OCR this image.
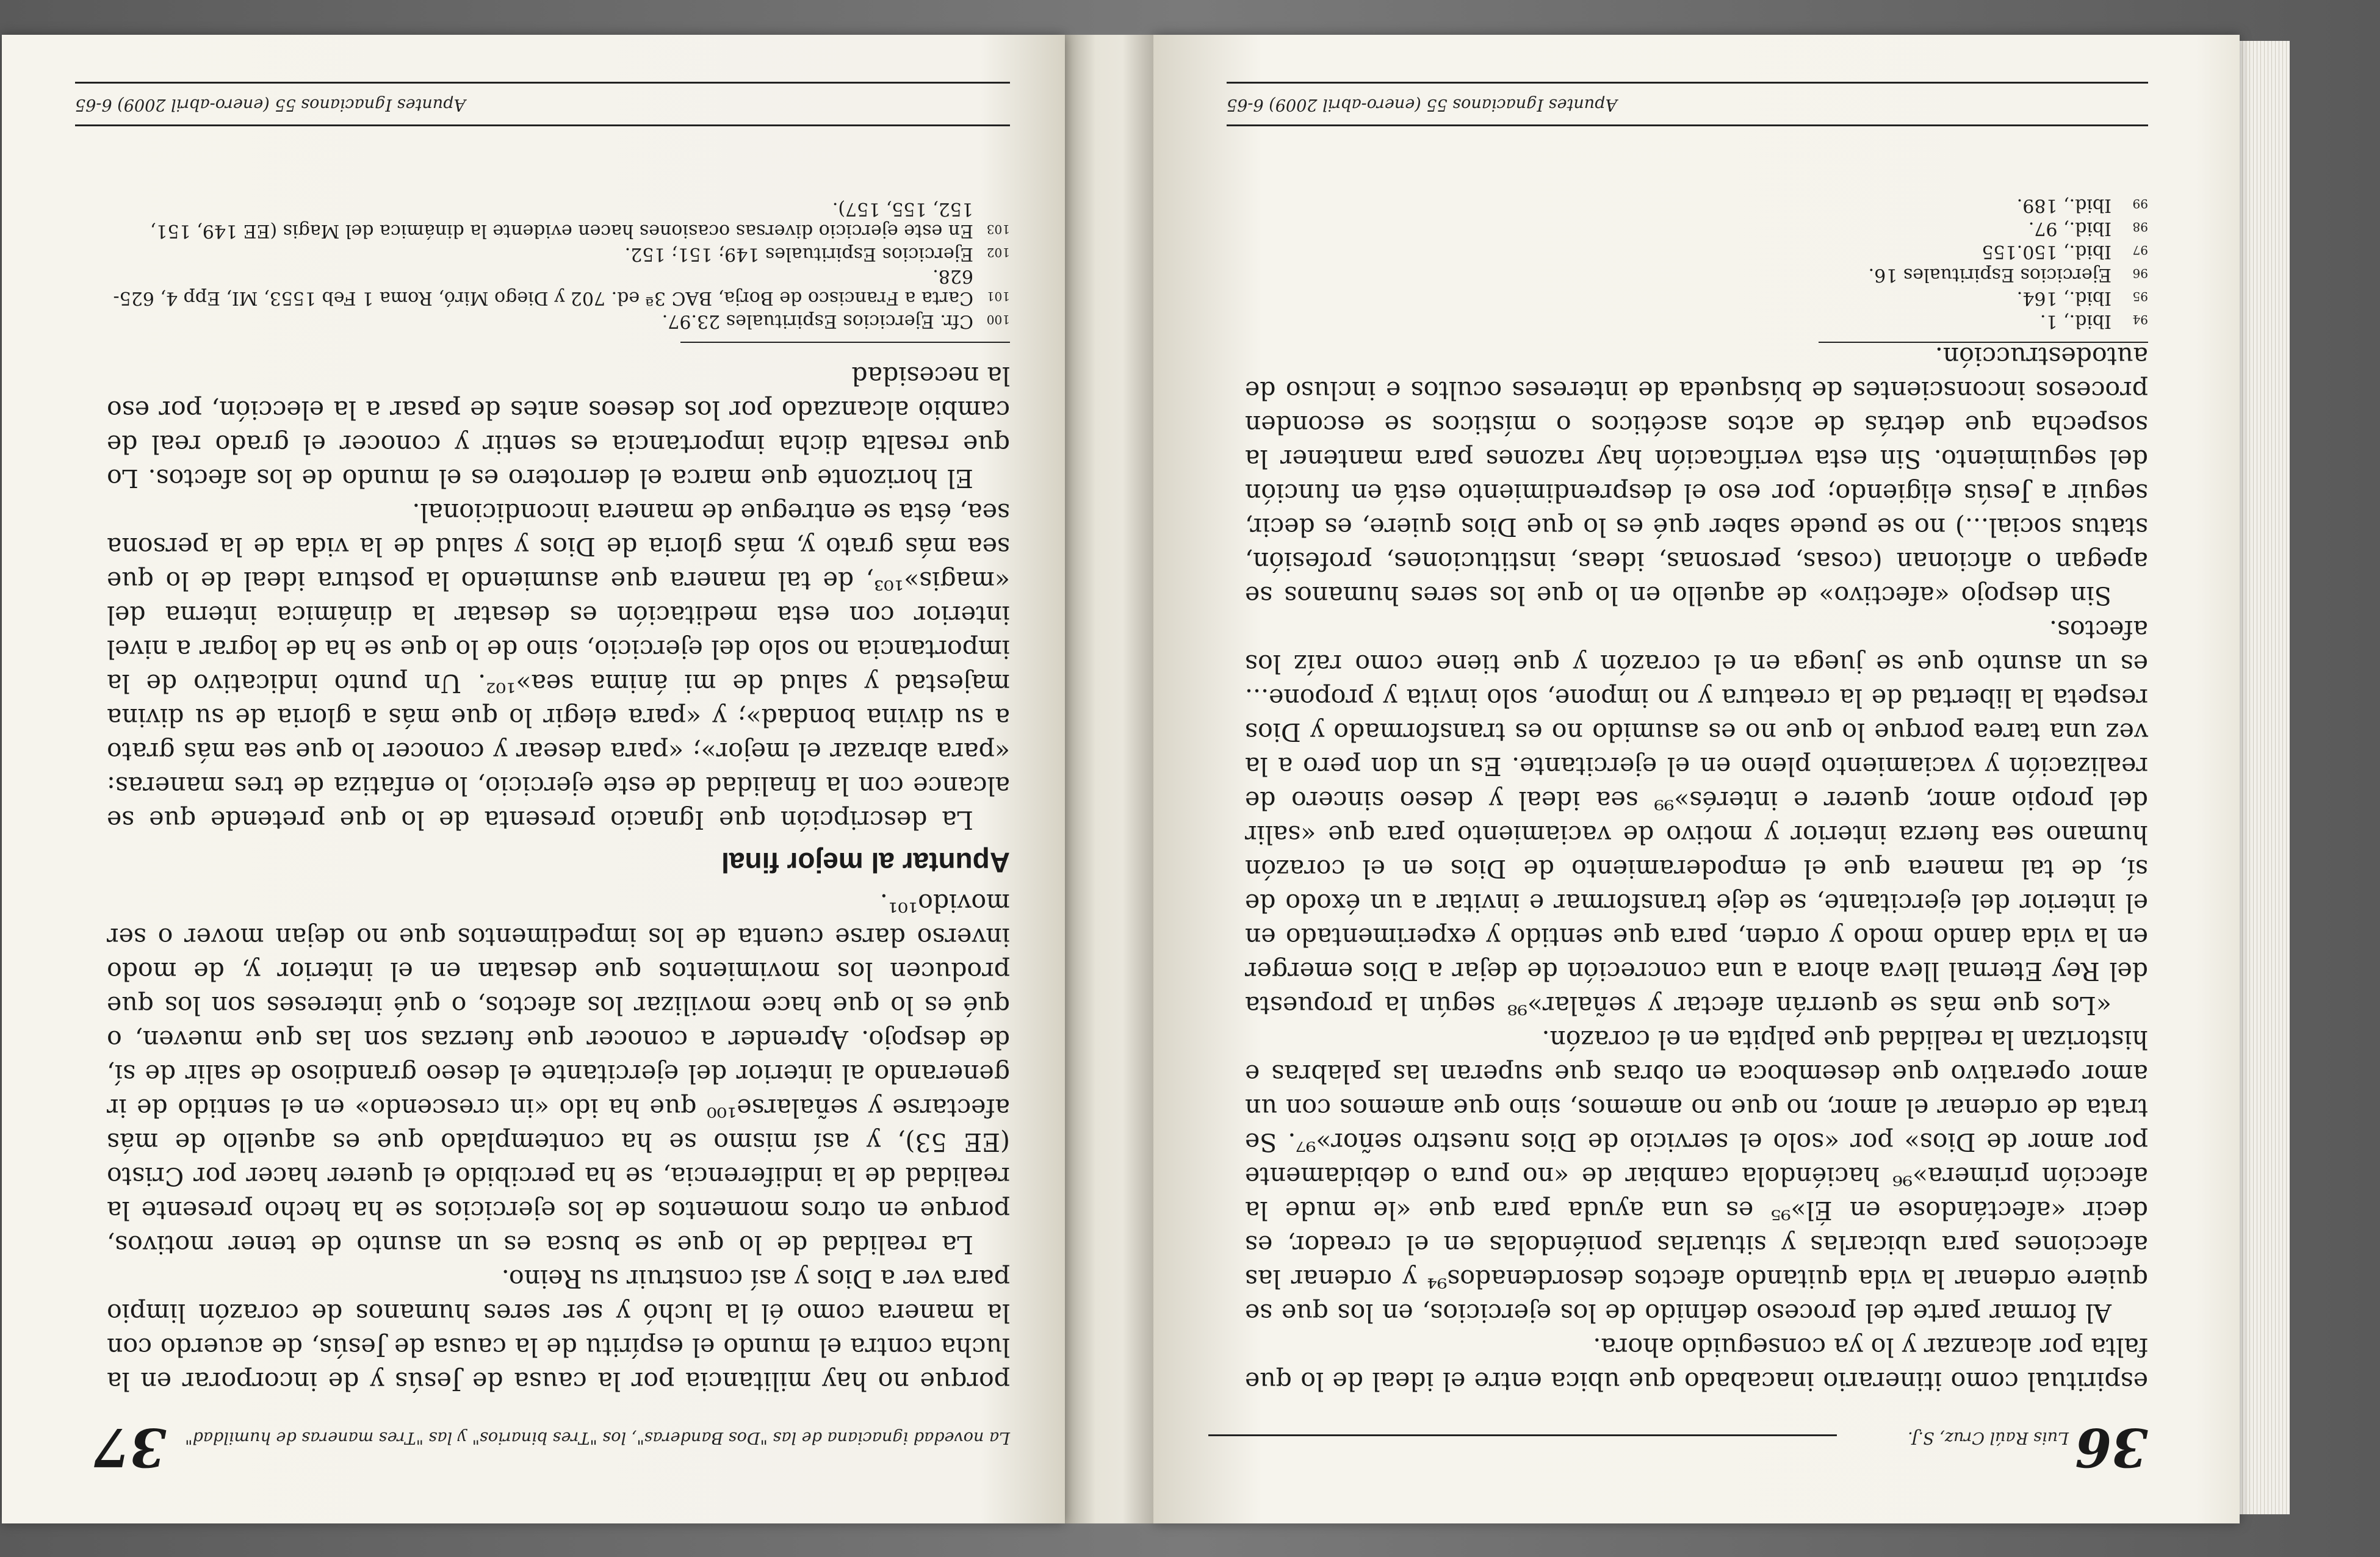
36
Luis Raúl Cruz, S.J.

espiritual como itinerario inacabado que ubica entre el ideal de lo que falta por alcanzar y lo ya conseguido ahora.

Al formar parte del proceso definido de los ejercicios, en los que se quiere ordenar la vida quitando afectos desordenados⁹⁴ y ordenar las afecciones para ubicarlas y situarlas poniéndolas en el creador, es decir «afectándose en Él»⁹⁵ es una ayuda para que «le mude la afección primera»⁹⁶ haciéndola cambiar de «no pura o debidamente por amor de Dios» por «solo el servicio de Dios nuestro señor»⁹⁷. Se trata de ordenar el amor, no que no amemos, sino que amemos con un amor operativo que desemboca en obras que superan las palabras e historizan la realidad que palpita en el corazón.

«Los que más se querrán afectar y señalar»⁹⁸ según la propuesta del Rey Eternal lleva ahora a una concreción de dejar a Dios emerger en la vida dando modo y orden, para que sentido y experimentado en el interior del ejercitante, se deje transformar e invitar a un éxodo de sí, de tal manera que el empoderamiento de Dios en el corazón humano sea fuerza interior y motivo de vaciamiento para que «salir del propio amor, querer e interés»⁹⁹ sea ideal y deseo sincero de realización y vaciamiento pleno en el ejercitante. Es un don pero a la vez una tarea porque lo que no es asumido no es transformado y Dios respeta la libertad de la creatura y no impone, solo invita y propone... es un asunto que se juega en el corazón y que tiene como raíz los afectos.

Sin despojo «afectivo» de aquello en lo que los seres humanos se apegan o aficionan (cosas, personas, ideas, instituciones, profesión, status social...) no se puede saber qué es lo que Dios quiere, es decir, seguir a Jesús eligiendo; por eso el desprendimiento está en función del seguimiento. Sin esta verificación hay razones para mantener la sospecha que detrás de actos ascéticos o místicos se esconden procesos inconscientes de búsqueda de intereses ocultos e incluso de autodestrucción.

94
Ibid., 1.
95
Ibid., 164.
96
Ejercicios Espirituales 16.
97
Ibid., 150.155
98
Ibid., 97.
99
Ibid., 189.
Apuntes Ignacianos 55 (enero-abril 2009) 6-65
La novedad ignaciana de las "Dos Banderas", los "Tres binarios" y las "Tres maneras de humildad"
37

porque no hay militancia por la causa de Jesús y de incorporar en la lucha contra el mundo el espíritu de la causa de Jesús, de acuerdo con la manera como él la luchó y ser seres humanos de corazón limpio para ver a Dios y así construir su Reino.

La realidad de lo que se busca es un asunto de tener motivos, porque en otros momentos de los ejercicios se ha hecho presente la realidad de la indiferencia, se ha percibido el querer hacer por Cristo (EE 53), y así mismo se ha contemplado que es aquello de más afectarse y señalarse¹⁰⁰ que ha ido «in crescendo» en el sentido de ir generando al interior del ejercitante el deseo grandioso de salir de sí, de despojo. Aprender a conocer que fuerzas son las que mueven, o qué es lo que hace movilizar los afectos, o qué intereses son los que producen los movimientos que desatan en el interior y, de modo inverso darse cuenta de los impedimentos que no dejan mover o ser movido¹⁰¹.

Apuntar al mejor final

La descripción que Ignacio presenta de lo que pretende que se alcance con la finalidad de este ejercicio, lo enfatiza de tres maneras: «para abrazar el mejor»; «para desear y conocer lo que sea más grato a su divina bondad»; y «para elegir lo que más a gloria de su divina majestad y salud de mi ánima sea»¹⁰². Un punto indicativo de la importancia no solo del ejercicio, sino de lo que se ha de lograr a nivel interior con esta meditación es desatar la dinámica interna del «magis»¹⁰³, de tal manera que asumiendo la postura ideal de lo que sea más grato y, más gloria de Dios y salud de la vida de la persona sea, ésta se entregue de manera incondicional.

El horizonte que marca el derrotero es el mundo de los afectos. Lo que resalta dicha importancia es sentir y conocer el grado real de cambio alcanzado por los deseos antes de pasar a la elección, por eso la necesidad

100
Cfr. Ejercicios Espirituales 23.97.
101
Carta a Francisco de Borja, BAC 3ª ed. 702 y Diego Miró, Roma 1 Feb 1553, MI, Epp 4, 625-628.
102
Ejercicios Espirituales 149; 151; 152.
103
En este ejercicio diversas ocasiones hacen evidente la dinámica del Magis (EE 149, 151, 152, 155, 157).
Apuntes Ignacianos 55 (enero-abril 2009) 6-65
